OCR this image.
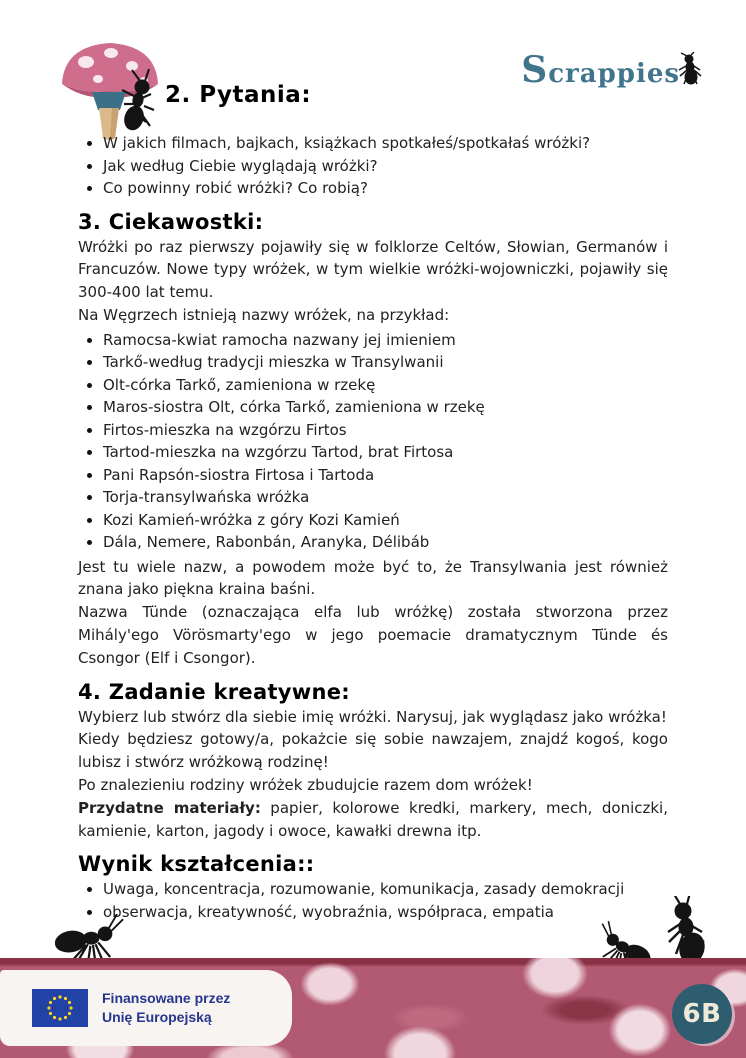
Scrappies
2. Pytania:
W jakich filmach, bajkach, książkach spotkałeś/spotkałaś wróżki?
Jak według Ciebie wyglądają wróżki?
Co powinny robić wróżki? Co robią?
3. Ciekawostki:

Wróżki po raz pierwszy pojawiły się w folklorze Celtów, Słowian, Germanów i Francuzów. Nowe typy wróżek, w tym wielkie wróżki-wojowniczki, pojawiły się 300-400 lat temu.

Na Węgrzech istnieją nazwy wróżek, na przykład:

Ramocsa-kwiat ramocha nazwany jej imieniem
Tarkő-według tradycji mieszka w Transylwanii
Olt-córka Tarkő, zamieniona w rzekę
Maros-siostra Olt, córka Tarkő, zamieniona w rzekę
Firtos-mieszka na wzgórzu Firtos
Tartod-mieszka na wzgórzu Tartod, brat Firtosa
Pani Rapsón-siostra Firtosa i Tartoda
Torja-transylwańska wróżka
Kozi Kamień-wróżka z góry Kozi Kamień
Dála, Nemere, Rabonbán, Aranyka, Délibáb

Jest tu wiele nazw, a powodem może być to, że Transylwania jest również znana jako piękna kraina baśni.

Nazwa Tünde (oznaczająca elfa lub wróżkę) została stworzona przez Mihály'ego Vörösmarty'ego w jego poemacie dramatycznym Tünde és Csongor (Elf i Csongor).

4. Zadanie kreatywne:

Wybierz lub stwórz dla siebie imię wróżki. Narysuj, jak wyglądasz jako wróżka!

Kiedy będziesz gotowy/a, pokażcie się sobie nawzajem, znajdź kogoś, kogo lubisz i stwórz wróżkową rodzinę!

Po znalezieniu rodziny wróżek zbudujcie razem dom wróżek!

Przydatne materiały: papier, kolorowe kredki, markery, mech, doniczki, kamienie, karton, jagody i owoce, kawałki drewna itp.

Wynik kształcenia::
Uwaga, koncentracja, rozumowanie, komunikacja, zasady demokracji
obserwacja, kreatywność, wyobraźnia, współpraca, empatia
Finansowane przez
Unię Europejską	6B
